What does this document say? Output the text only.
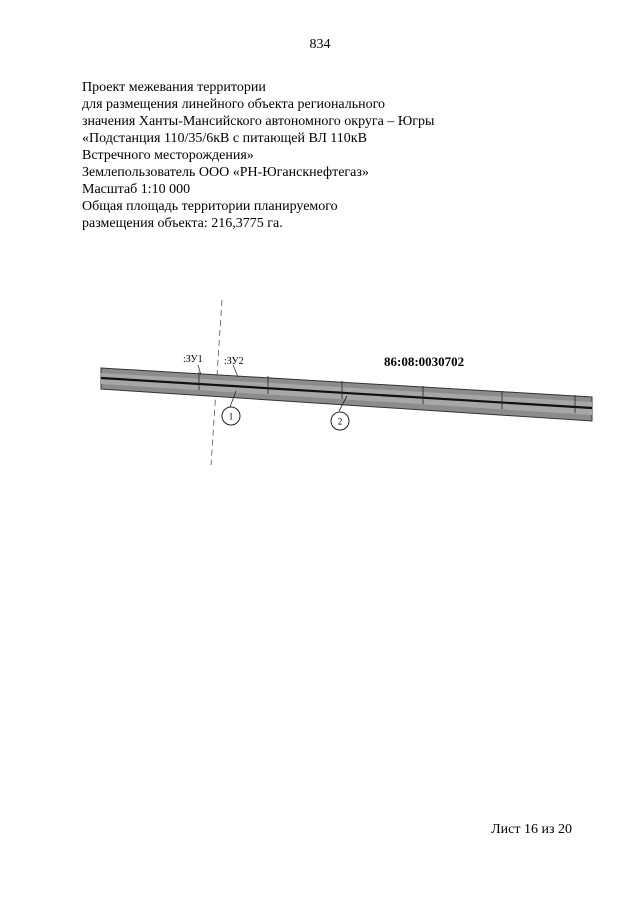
834
Проект межевания территории
для размещения линейного объекта регионального
значения Ханты-Мансийского автономного округа – Югры
«Подстанция 110/35/6кВ с питающей ВЛ 110кВ
Встречного месторождения»
Землепользователь ООО «РН-Юганскнефтегаз»
Масштаб 1:10 000
Общая площадь территории планируемого
размещения объекта: 216,3775 га.
1	2
:ЗУ1 :ЗУ2	86:08:0030702
Лист 16 из 20
